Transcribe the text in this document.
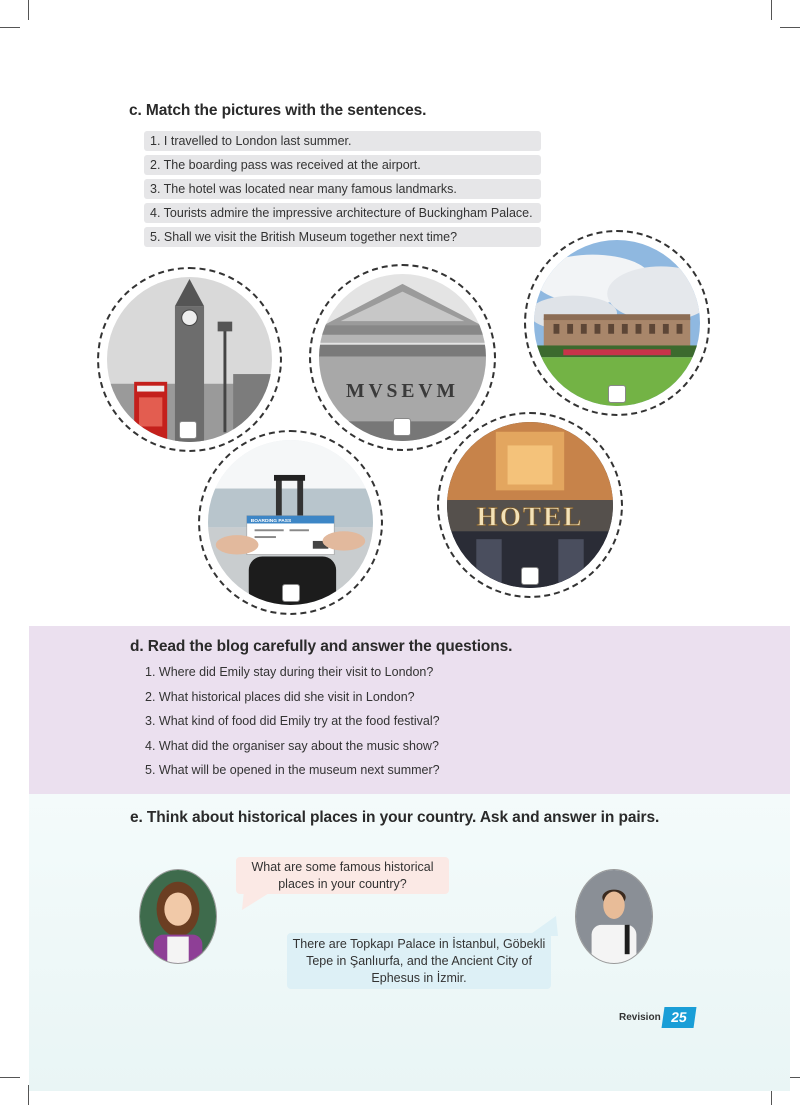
c. Match the pictures with the sentences.
1. I travelled to London last summer.
2. The boarding pass was received at the airport.
3. The hotel was located near many famous landmarks.
4. Tourists admire the impressive architecture of Buckingham Palace.
5. Shall we visit the British Museum together next time?
MVSEVM
BOARDING PASS	HOTEL
d. Read the blog carefully and answer the questions.
1. Where did Emily stay during their visit to London?
2. What historical places did she visit in London?
3. What kind of food did Emily try at the food festival?
4. What did the organiser say about the music show?
5. What will be opened in the museum next summer?
e. Think about historical places in your country. Ask and answer in pairs.
What are some famous historical
places in your country?
There are Topkapı Palace in İstanbul, Göbekli
Tepe in Şanlıurfa, and the Ancient City of
Ephesus in İzmir.
Revision 25
